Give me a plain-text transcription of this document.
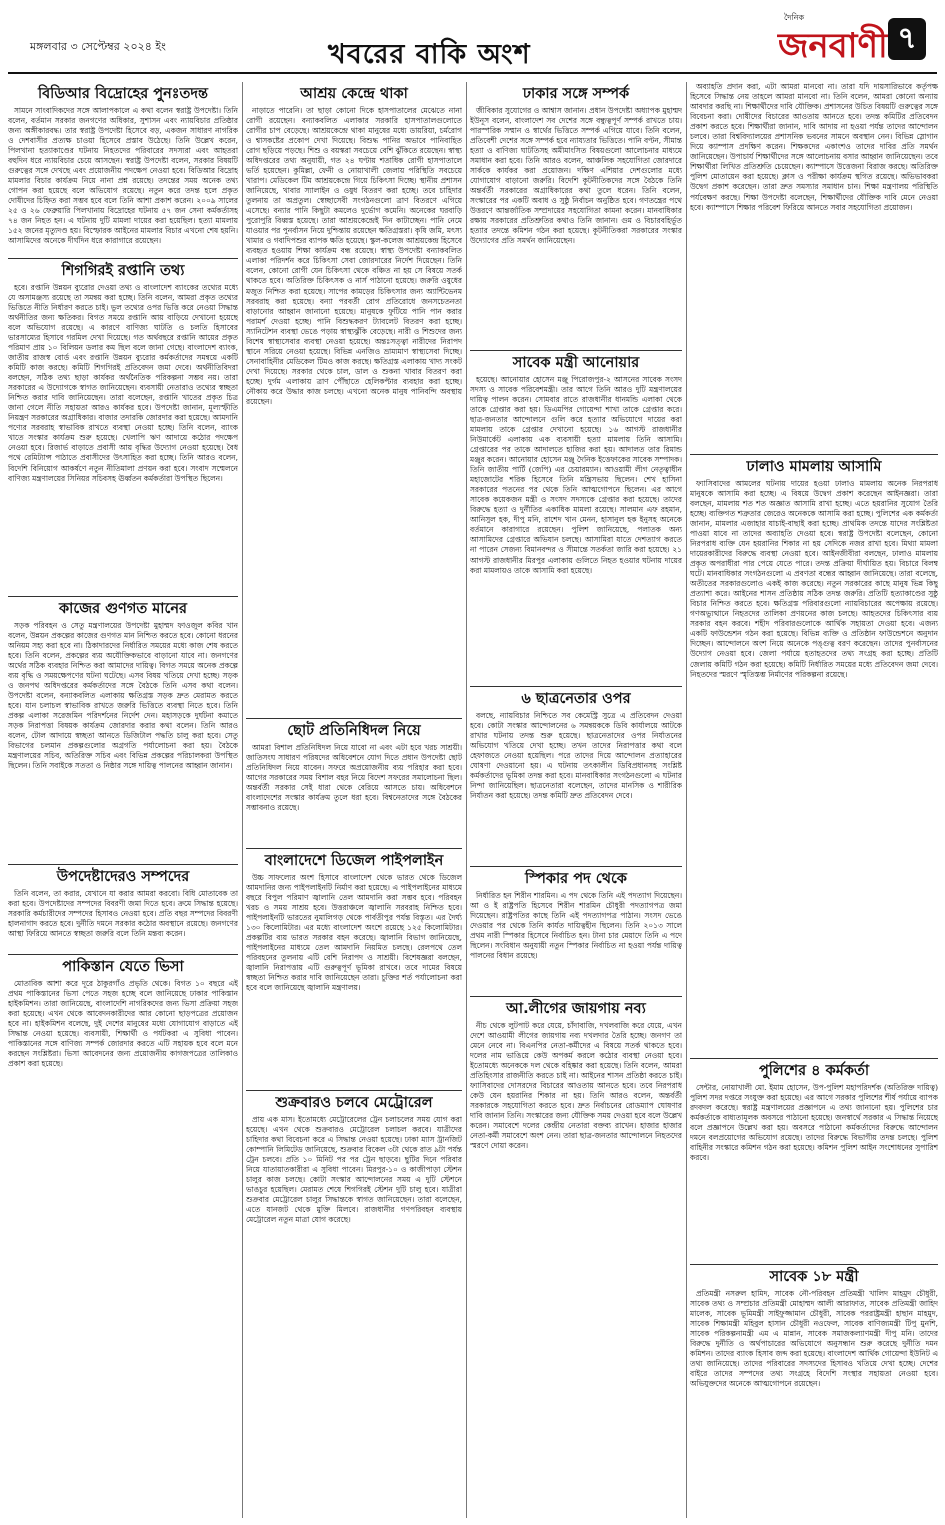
মঙ্গলবার ৩ সেপ্টেম্বর ২০২৪ ইং	খবরের বাকি অংশ
দৈনিক
জনবাণী ৭
বিডিআর বিদ্রোহের পুনঃতদন্ত

সামনে সাংবাদিকদের সঙ্গে আলাপকালে এ কথা বলেন স্বরাষ্ট্র উপদেষ্টা। তিনি বলেন, বর্তমান সরকার জনগণের অধিকার, সুশাসন এবং ন্যায়বিচার প্রতিষ্ঠার জন্য অঙ্গীকারবদ্ধ। তার স্বরাষ্ট্র উপদেষ্টা হিসেবে বড়, একজন সাধারণ নাগরিক ও দেশবাসীর প্রত্যক্ষ চাওয়া হিসেবে প্রস্তাব উঠেছে। তিনি উল্লেখ করেন, পিলখানা হত্যাকাণ্ডের ঘটনায় নিহতদের পরিবারের সদস্যরা এবং আহতরা বহুদিন ধরে ন্যায়বিচার চেয়ে আসছেন। স্বরাষ্ট্র উপদেষ্টা বলেন, সরকার বিষয়টি গুরুত্বের সঙ্গে দেখছে এবং প্রয়োজনীয় পদক্ষেপ নেওয়া হবে। বিডিআর বিদ্রোহ মামলার বিচার কার্যক্রম নিয়ে নানা প্রশ্ন রয়েছে। তদন্তের সময় অনেক তথ্য গোপন করা হয়েছে বলে অভিযোগ রয়েছে। নতুন করে তদন্ত হলে প্রকৃত দোষীদের চিহ্নিত করা সম্ভব হবে বলে তিনি আশা প্রকাশ করেন। ২০০৯ সালের ২৫ ও ২৬ ফেব্রুয়ারি পিলখানায় বিদ্রোহের ঘটনায় ৫৭ জন সেনা কর্মকর্তাসহ ৭৪ জন নিহত হন। এ ঘটনায় দুটি মামলা দায়ের করা হয়েছিল। হত্যা মামলায় ১৫২ জনের মৃত্যুদণ্ড হয়। বিস্ফোরক আইনের মামলার বিচার এখনো শেষ হয়নি। আসামিদের অনেকে দীর্ঘদিন ধরে কারাগারে রয়েছেন।

শিগগিরই রপ্তানি তথ্য

হবে। রপ্তানি উন্নয়ন ব্যুরোর দেওয়া তথ্য ও বাংলাদেশ ব্যাংকের তথ্যের মধ্যে যে অসামঞ্জস্য রয়েছে তা সমন্বয় করা হচ্ছে। তিনি বলেন, আমরা প্রকৃত তথ্যের ভিত্তিতে নীতি নির্ধারণ করতে চাই। ভুল তথ্যের ওপর ভিত্তি করে নেওয়া সিদ্ধান্ত অর্থনীতির জন্য ক্ষতিকর। বিগত সময়ে রপ্তানি আয় বাড়িয়ে দেখানো হয়েছে বলে অভিযোগ রয়েছে। এ কারণে বাণিজ্য ঘাটতি ও চলতি হিসাবের ভারসাম্যের হিসাবে গরমিল দেখা দিয়েছে। গত অর্থবছরে রপ্তানি আয়ের প্রকৃত পরিমাণ প্রায় ১০ বিলিয়ন ডলার কম ছিল বলে জানা গেছে। বাংলাদেশ ব্যাংক, জাতীয় রাজস্ব বোর্ড এবং রপ্তানি উন্নয়ন ব্যুরোর কর্মকর্তাদের সমন্বয়ে একটি কমিটি কাজ করছে। কমিটি শিগগিরই প্রতিবেদন জমা দেবে। অর্থনীতিবিদরা বলছেন, সঠিক তথ্য ছাড়া কার্যকর অর্থনৈতিক পরিকল্পনা সম্ভব নয়। তারা সরকারের এ উদ্যোগকে স্বাগত জানিয়েছেন। ব্যবসায়ী নেতারাও তথ্যের স্বচ্ছতা নিশ্চিত করার দাবি জানিয়েছেন। তারা বলেছেন, রপ্তানি খাতের প্রকৃত চিত্র জানা গেলে নীতি সহায়তা আরও কার্যকর হবে। উপদেষ্টা জানান, মূল্যস্ফীতি নিয়ন্ত্রণ সরকারের অগ্রাধিকার। বাজার তদারকি জোরদার করা হয়েছে। আমদানি পণ্যের সরবরাহ স্বাভাবিক রাখতে ব্যবস্থা নেওয়া হচ্ছে। তিনি বলেন, ব্যাংক খাতে সংস্কার কার্যক্রম শুরু হয়েছে। খেলাপি ঋণ আদায়ে কঠোর পদক্ষেপ নেওয়া হবে। রিজার্ভ বাড়াতে প্রবাসী আয় বৃদ্ধির উদ্যোগ নেওয়া হয়েছে। বৈধ পথে রেমিট্যান্স পাঠাতে প্রবাসীদের উৎসাহিত করা হচ্ছে। তিনি আরও বলেন, বিদেশি বিনিয়োগ আকর্ষণে নতুন নীতিমালা প্রণয়ন করা হবে। সংবাদ সম্মেলনে বাণিজ্য মন্ত্রণালয়ের সিনিয়র সচিবসহ ঊর্ধ্বতন কর্মকর্তারা উপস্থিত ছিলেন।

কাজের গুণগত মানের

সড়ক পরিবহন ও সেতু মন্ত্রণালয়ের উপদেষ্টা মুহাম্মদ ফাওজুল কবির খান বলেন, উন্নয়ন প্রকল্পের কাজের গুণগত মান নিশ্চিত করতে হবে। কোনো ধরনের অনিয়ম সহ্য করা হবে না। ঠিকাদারদের নির্ধারিত সময়ের মধ্যে কাজ শেষ করতে হবে। তিনি বলেন, প্রকল্পের ব্যয় অযৌক্তিকভাবে বাড়ানো যাবে না। জনগণের অর্থের সঠিক ব্যবহার নিশ্চিত করা আমাদের দায়িত্ব। বিগত সময়ে অনেক প্রকল্পে ব্যয় বৃদ্ধি ও সময়ক্ষেপণের ঘটনা ঘটেছে। এসব বিষয় খতিয়ে দেখা হচ্ছে। সড়ক ও জনপথ অধিদপ্তরের কর্মকর্তাদের সঙ্গে বৈঠকে তিনি এসব কথা বলেন। উপদেষ্টা বলেন, বন্যাকবলিত এলাকায় ক্ষতিগ্রস্ত সড়ক দ্রুত মেরামত করতে হবে। যান চলাচল স্বাভাবিক রাখতে জরুরি ভিত্তিতে ব্যবস্থা নিতে হবে। তিনি প্রকল্প এলাকা সরেজমিন পরিদর্শনের নির্দেশ দেন। মহাসড়কে দুর্ঘটনা কমাতে সড়ক নিরাপত্তা বিষয়ক কার্যক্রম জোরদার করার কথা বলেন। তিনি আরও বলেন, টোল আদায়ে স্বচ্ছতা আনতে ডিজিটাল পদ্ধতি চালু করা হবে। সেতু বিভাগের চলমান প্রকল্পগুলোর অগ্রগতি পর্যালোচনা করা হয়। বৈঠকে মন্ত্রণালয়ের সচিব, অতিরিক্ত সচিব এবং বিভিন্ন প্রকল্পের পরিচালকরা উপস্থিত ছিলেন। তিনি সবাইকে সততা ও নিষ্ঠার সঙ্গে দায়িত্ব পালনের আহ্বান জানান।

উপদেষ্টাদেরও সম্পদের

তিনি বলেন, তা করার, যেখানে যা করার আমরা করবো। বিধি মোতাবেক তা করা হবে। উপদেষ্টাদের সম্পদের বিবরণী জমা দিতে হবে। ক্রমে সিদ্ধান্ত হয়েছে। সরকারি কর্মচারীদের সম্পদের হিসাবও নেওয়া হবে। প্রতি বছর সম্পদের বিবরণী হালনাগাদ করতে হবে। দুর্নীতি দমনে সরকার কঠোর অবস্থানে রয়েছে। জনগণের আস্থা ফিরিয়ে আনতে স্বচ্ছতা জরুরি বলে তিনি মন্তব্য করেন।

পাকিস্তান যেতে ভিসা

মোতাবিক আশা করে দূরে ঠাকুরগাঁও প্রভৃতি থেকে। বিগত ১০ বছরে এই প্রথম পাকিস্তানের ভিসা পেতে সহজ হচ্ছে বলে জানিয়েছে ঢাকার পাকিস্তান হাইকমিশন। তারা জানিয়েছে, বাংলাদেশি নাগরিকদের জন্য ভিসা প্রক্রিয়া সহজ করা হয়েছে। এখন থেকে আবেদনকারীদের আর কোনো ছাড়পত্রের প্রয়োজন হবে না। হাইকমিশন বলেছে, দুই দেশের মানুষের মধ্যে যোগাযোগ বাড়াতে এই সিদ্ধান্ত নেওয়া হয়েছে। ব্যবসায়ী, শিক্ষার্থী ও পর্যটকরা এ সুবিধা পাবেন। পাকিস্তানের সঙ্গে বাণিজ্য সম্পর্ক জোরদার করতে এটি সহায়ক হবে বলে মনে করছেন সংশ্লিষ্টরা। ভিসা আবেদনের জন্য প্রয়োজনীয় কাগজপত্রের তালিকাও প্রকাশ করা হয়েছে।

আশ্রয় কেন্দ্রে থাকা

নাড়াতে পারেনি। তা ছাড়া কোনো দিকে হাসপাতালের মেঝেতে নানা রোগী রয়েছেন। বন্যাকবলিত এলাকার সরকারি হাসপাতালগুলোতে রোগীর চাপ বেড়েছে। আশ্রয়কেন্দ্রে থাকা মানুষের মধ্যে ডায়রিয়া, চর্মরোগ ও শ্বাসকষ্টের প্রকোপ দেখা দিয়েছে। বিশুদ্ধ পানির অভাবে পানিবাহিত রোগ ছড়িয়ে পড়ছে। শিশু ও বয়স্করা সবচেয়ে বেশি ঝুঁকিতে রয়েছেন। স্বাস্থ্য অধিদপ্তরের তথ্য অনুযায়ী, গত ২৪ ঘণ্টায় শতাধিক রোগী হাসপাতালে ভর্তি হয়েছেন। কুমিল্লা, ফেনী ও নোয়াখালী জেলায় পরিস্থিতি সবচেয়ে খারাপ। মেডিকেল টিম আশ্রয়কেন্দ্রে গিয়ে চিকিৎসা দিচ্ছে। স্থানীয় প্রশাসন জানিয়েছে, খাবার স্যালাইন ও ওষুধ বিতরণ করা হচ্ছে। তবে চাহিদার তুলনায় তা অপ্রতুল। স্বেচ্ছাসেবী সংগঠনগুলো ত্রাণ বিতরণে এগিয়ে এসেছে। বন্যার পানি কিছুটা কমলেও দুর্ভোগ কমেনি। অনেকের ঘরবাড়ি পুরোপুরি বিধ্বস্ত হয়েছে। তারা আশ্রয়কেন্দ্রেই দিন কাটাচ্ছেন। পানি নেমে যাওয়ার পর পুনর্বাসন নিয়ে দুশ্চিন্তায় রয়েছেন ক্ষতিগ্রস্তরা। কৃষি জমি, মৎস্য খামার ও গবাদিপশুর ব্যাপক ক্ষতি হয়েছে। স্কুল-কলেজ আশ্রয়কেন্দ্র হিসেবে ব্যবহৃত হওয়ায় শিক্ষা কার্যক্রম বন্ধ রয়েছে। স্বাস্থ্য উপদেষ্টা বন্যাকবলিত এলাকা পরিদর্শন করে চিকিৎসা সেবা জোরদারের নির্দেশ দিয়েছেন। তিনি বলেন, কোনো রোগী যেন চিকিৎসা থেকে বঞ্চিত না হয় সে বিষয়ে সতর্ক থাকতে হবে। অতিরিক্ত চিকিৎসক ও নার্স পাঠানো হয়েছে। জরুরি ওষুধের মজুত নিশ্চিত করা হয়েছে। সাপের কামড়ের চিকিৎসার জন্য অ্যান্টিভেনম সরবরাহ করা হয়েছে। বন্যা পরবর্তী রোগ প্রতিরোধে জনসচেতনতা বাড়ানোর আহ্বান জানানো হয়েছে। মানুষকে ফুটিয়ে পানি পান করার পরামর্শ দেওয়া হচ্ছে। পানি বিশুদ্ধকরণ ট্যাবলেট বিতরণ করা হচ্ছে। স্যানিটেশন ব্যবস্থা ভেঙে পড়ায় স্বাস্থ্যঝুঁকি বেড়েছে। নারী ও শিশুদের জন্য বিশেষ স্বাস্থ্যসেবার ব্যবস্থা নেওয়া হয়েছে। অন্তঃসত্ত্বা নারীদের নিরাপদ স্থানে সরিয়ে নেওয়া হয়েছে। বিভিন্ন এনজিও ভ্রাম্যমাণ স্বাস্থ্যসেবা দিচ্ছে। সেনাবাহিনীর মেডিকেল টিমও কাজ করছে। ক্ষতিগ্রস্ত এলাকায় খাদ্য সংকট দেখা দিয়েছে। সরকার থেকে চাল, ডাল ও শুকনা খাবার বিতরণ করা হচ্ছে। দুর্গম এলাকায় ত্রাণ পৌঁছাতে হেলিকপ্টার ব্যবহার করা হচ্ছে। নৌকায় করে উদ্ধার কাজ চলছে। এখনো অনেক মানুষ পানিবন্দি অবস্থায় রয়েছেন।

ছোট প্রতিনিধিদল নিয়ে

আমরা বিশাল প্রতিনিধিদল নিয়ে যাবো না এবং এটা হবে খরচ সাশ্রয়ী। জাতিসংঘ সাধারণ পরিষদের অধিবেশনে যোগ দিতে প্রধান উপদেষ্টা ছোট প্রতিনিধিদল নিয়ে যাবেন। সফরে অপ্রয়োজনীয় ব্যয় পরিহার করা হবে। আগের সরকারের সময় বিশাল বহর নিয়ে বিদেশ সফরের সমালোচনা ছিল। অন্তর্বর্তী সরকার সেই ধারা থেকে বেরিয়ে আসতে চায়। অধিবেশনে বাংলাদেশের সংস্কার কার্যক্রম তুলে ধরা হবে। বিশ্বনেতাদের সঙ্গে বৈঠকের সম্ভাবনাও রয়েছে।

বাংলাদেশে ডিজেল পাইপলাইন

উচ্চ সাফল্যের অংশ হিসাবে বাংলাদেশ থেকে ভারত থেকে ডিজেল আমদানির জন্য পাইপলাইনটি নির্মাণ করা হয়েছে। এ পাইপলাইনের মাধ্যমে বছরে বিপুল পরিমাণ জ্বালানি তেল আমদানি করা সম্ভব হবে। পরিবহন খরচ ও সময় সাশ্রয় হবে। উত্তরাঞ্চলে জ্বালানি সরবরাহ নিশ্চিত হবে। পাইপলাইনটি ভারতের নুমালিগড় থেকে পার্বতীপুর পর্যন্ত বিস্তৃত। এর দৈর্ঘ্য ১৩০ কিলোমিটার। এর মধ্যে বাংলাদেশ অংশে রয়েছে ১২৫ কিলোমিটার। প্রকল্পটির ব্যয় ভারত সরকার বহন করেছে। জ্বালানি বিভাগ জানিয়েছে, পাইপলাইনের মাধ্যমে তেল আমদানি নিয়মিত চলছে। রেলপথে তেল পরিবহনের তুলনায় এটি বেশি নিরাপদ ও সাশ্রয়ী। বিশেষজ্ঞরা বলছেন, জ্বালানি নিরাপত্তায় এটি গুরুত্বপূর্ণ ভূমিকা রাখবে। তবে দামের বিষয়ে স্বচ্ছতা নিশ্চিত করার দাবি জানিয়েছেন তারা। চুক্তির শর্ত পর্যালোচনা করা হবে বলে জানিয়েছে জ্বালানি মন্ত্রণালয়।

শুক্রবারও চলবে মেট্রোরেল

প্রায় এক মাস। ইতোমধ্যে মেট্রোরেলের ট্রেন চলাচলের সময় যোগ করা হয়েছে। এখন থেকে শুক্রবারও মেট্রোরেল চলাচল করবে। যাত্রীদের চাহিদার কথা বিবেচনা করে এ সিদ্ধান্ত নেওয়া হয়েছে। ঢাকা ম্যাস ট্রানজিট কোম্পানি লিমিটেড জানিয়েছে, শুক্রবার বিকেল ৩টা থেকে রাত ৯টা পর্যন্ত ট্রেন চলবে। প্রতি ১০ মিনিট পর পর ট্রেন ছাড়বে। ছুটির দিনে পরিবার নিয়ে যাতায়াতকারীরা এ সুবিধা পাবেন। মিরপুর-১০ ও কাজীপাড়া স্টেশন চালুর কাজ চলছে। কোটা সংস্কার আন্দোলনের সময় এ দুটি স্টেশনে ভাঙচুর হয়েছিল। মেরামত শেষে শিগগিরই স্টেশন দুটি চালু হবে। যাত্রীরা শুক্রবার মেট্রোরেল চালুর সিদ্ধান্তকে স্বাগত জানিয়েছেন। তারা বলেছেন, এতে যানজট থেকে মুক্তি মিলবে। রাজধানীর গণপরিবহন ব্যবস্থায় মেট্রোরেল নতুন মাত্রা যোগ করেছে।

ঢাকার সঙ্গে সম্পর্ক

জীবিকার সুযোগের ও আশ্বাস জানান। প্রধান উপদেষ্টা অধ্যাপক মুহাম্মদ ইউনূস বলেন, বাংলাদেশ সব দেশের সঙ্গে বন্ধুত্বপূর্ণ সম্পর্ক রাখতে চায়। পারস্পরিক সম্মান ও স্বার্থের ভিত্তিতে সম্পর্ক এগিয়ে যাবে। তিনি বলেন, প্রতিবেশী দেশের সঙ্গে সম্পর্ক হবে ন্যায্যতার ভিত্তিতে। পানি বণ্টন, সীমান্ত হত্যা ও বাণিজ্য ঘাটতিসহ অমীমাংসিত বিষয়গুলো আলোচনার মাধ্যমে সমাধান করা হবে। তিনি আরও বলেন, আঞ্চলিক সহযোগিতা জোরদারে সার্ককে কার্যকর করা প্রয়োজন। দক্ষিণ এশিয়ার দেশগুলোর মধ্যে যোগাযোগ বাড়ানো জরুরি। বিদেশি কূটনীতিকদের সঙ্গে বৈঠকে তিনি অন্তর্বর্তী সরকারের অগ্রাধিকারের কথা তুলে ধরেন। তিনি বলেন, সংস্কারের পর একটি অবাধ ও সুষ্ঠু নির্বাচন অনুষ্ঠিত হবে। গণতন্ত্রের পথে উত্তরণে আন্তর্জাতিক সম্প্রদায়ের সহযোগিতা কামনা করেন। মানবাধিকার রক্ষায় সরকারের প্রতিশ্রুতির কথাও তিনি জানান। গুম ও বিচারবহির্ভূত হত্যার তদন্তে কমিশন গঠন করা হয়েছে। কূটনীতিকরা সরকারের সংস্কার উদ্যোগের প্রতি সমর্থন জানিয়েছেন।

সাবেক মন্ত্রী আনোয়ার

হয়েছে। আনোয়ার হোসেন মঞ্জু পিরোজপুর-২ আসনের সাবেক সংসদ সদস্য ও সাবেক পরিবেশমন্ত্রী। তার আগে তিনি আরও দুটি মন্ত্রণালয়ের দায়িত্ব পালন করেন। সোমবার রাতে রাজধানীর ধানমন্ডি এলাকা থেকে তাকে গ্রেপ্তার করা হয়। ডিএমপির গোয়েন্দা শাখা তাকে গ্রেপ্তার করে। ছাত্র-জনতার আন্দোলনে গুলি করে হত্যার অভিযোগে দায়ের করা মামলায় তাকে গ্রেপ্তার দেখানো হয়েছে। ১৬ আগস্ট রাজধানীর নিউমার্কেট এলাকায় এক ব্যবসায়ী হত্যা মামলায় তিনি আসামি। গ্রেপ্তারের পর তাকে আদালতে হাজির করা হয়। আদালত তার রিমান্ড মঞ্জুর করেন। আনোয়ার হোসেন মঞ্জু দৈনিক ইত্তেফাকের সাবেক সম্পাদক। তিনি জাতীয় পার্টি (জেপি) এর চেয়ারম্যান। আওয়ামী লীগ নেতৃত্বাধীন মহাজোটের শরিক হিসেবে তিনি মন্ত্রিসভায় ছিলেন। শেখ হাসিনা সরকারের পতনের পর থেকে তিনি আত্মগোপনে ছিলেন। এর আগে সাবেক কয়েকজন মন্ত্রী ও সংসদ সদস্যকে গ্রেপ্তার করা হয়েছে। তাদের বিরুদ্ধে হত্যা ও দুর্নীতির একাধিক মামলা রয়েছে। সালমান এফ রহমান, আনিসুল হক, দীপু মনি, রাশেদ খান মেনন, হাসানুল হক ইনুসহ অনেকে বর্তমানে কারাগারে রয়েছেন। পুলিশ জানিয়েছে, পলাতক অন্য আসামিদের গ্রেপ্তারে অভিযান চলছে। আসামিরা যাতে দেশত্যাগ করতে না পারেন সেজন্য বিমানবন্দর ও সীমান্তে সতর্কতা জারি করা হয়েছে। ২১ আগস্ট রাজধানীর মিরপুর এলাকায় গুলিতে নিহত হওয়ার ঘটনায় দায়ের করা মামলায়ও তাকে আসামি করা হয়েছে।

৬ ছাত্রনেতার ওপর

বলছে, ন্যায়বিচার নিশ্চিতে সব কেমেস্ট্রি সুত্রে এ প্রতিবেদন দেওয়া হবে। কোটা সংস্কার আন্দোলনের ৬ সমন্বয়ককে ডিবি কার্যালয়ে আটকে রাখার ঘটনায় তদন্ত শুরু হয়েছে। ছাত্রনেতাদের ওপর নির্যাতনের অভিযোগ খতিয়ে দেখা হচ্ছে। তখন তাদের নিরাপত্তার কথা বলে হেফাজতে নেওয়া হয়েছিল। পরে তাদের দিয়ে আন্দোলন প্রত্যাহারের ঘোষণা দেওয়ানো হয়। এ ঘটনায় তৎকালীন ডিবিপ্রধানসহ সংশ্লিষ্ট কর্মকর্তাদের ভূমিকা তদন্ত করা হবে। মানবাধিকার সংগঠনগুলো এ ঘটনার নিন্দা জানিয়েছিল। ছাত্রনেতারা বলেছেন, তাদের মানসিক ও শারীরিক নির্যাতন করা হয়েছে। তদন্ত কমিটি দ্রুত প্রতিবেদন দেবে।

স্পিকার পদ থেকে

নির্ধারিত হন শিরীন শারমিন। এ পদ থেকে তিনি এই পদত্যাগ দিয়েছেন। আ ও ই রাষ্ট্রপতি হিসেবে শিরীন শারমিন চৌধুরী পদত্যাগপত্র জমা দিয়েছেন। রাষ্ট্রপতির কাছে তিনি এই পদত্যাগপত্র পাঠান। সংসদ ভেঙে দেওয়ার পর থেকে তিনি কার্যত দায়িত্বহীন ছিলেন। তিনি ২০১৩ সালে প্রথম নারী স্পিকার হিসেবে নির্বাচিত হন। টানা চার মেয়াদে তিনি এ পদে ছিলেন। সংবিধান অনুযায়ী নতুন স্পিকার নির্বাচিত না হওয়া পর্যন্ত দায়িত্ব পালনের বিধান রয়েছে।

আ.লীগের জায়গায় নব্য

নীচ থেকে লুটপাট করে যেয়ে, চাঁদাবাজি, দখলবাজি করে যেয়ে, এখন দেশে আওয়ামী লীগের জায়গায় নব্য দখলদার তৈরি হচ্ছে। জনগণ তা মেনে নেবে না। বিএনপির নেতা-কর্মীদের এ বিষয়ে সতর্ক থাকতে হবে। দলের নাম ভাঙিয়ে কেউ অপকর্ম করলে কঠোর ব্যবস্থা নেওয়া হবে। ইতোমধ্যে অনেককে দল থেকে বহিষ্কার করা হয়েছে। তিনি বলেন, আমরা প্রতিহিংসার রাজনীতি করতে চাই না। আইনের শাসন প্রতিষ্ঠা করতে চাই। ফ্যাসিবাদের দোসরদের বিচারের আওতায় আনতে হবে। তবে নিরপরাধ কেউ যেন হয়রানির শিকার না হয়। তিনি আরও বলেন, অন্তর্বর্তী সরকারকে সহযোগিতা করতে হবে। দ্রুত নির্বাচনের রোডম্যাপ ঘোষণার দাবি জানান তিনি। সংস্কারের জন্য যৌক্তিক সময় দেওয়া হবে বলে উল্লেখ করেন। সমাবেশে দলের কেন্দ্রীয় নেতারা বক্তব্য রাখেন। হাজার হাজার নেতা-কর্মী সমাবেশে অংশ নেন। তারা ছাত্র-জনতার আন্দোলনে নিহতদের স্মরণে দোয়া করেন।

অব্যাহতি প্রদান করা, এটা আমরা মানবো না। তারা যদি দায়সারিভাবে কর্তৃপক্ষ হিসেবে সিদ্ধান্ত নেয় তাহলে আমরা মানবো না। তিনি বলেন, আমরা কোনো অন্যায় আবদার করছি না। শিক্ষার্থীদের দাবি যৌক্তিক। প্রশাসনের উচিত বিষয়টি গুরুত্বের সঙ্গে বিবেচনা করা। দোষীদের বিচারের আওতায় আনতে হবে। তদন্ত কমিটির প্রতিবেদন প্রকাশ করতে হবে। শিক্ষার্থীরা জানান, দাবি আদায় না হওয়া পর্যন্ত তাদের আন্দোলন চলবে। তারা বিশ্ববিদ্যালয়ের প্রশাসনিক ভবনের সামনে অবস্থান নেন। বিভিন্ন স্লোগান দিয়ে ক্যাম্পাস প্রদক্ষিণ করেন। শিক্ষকদের একাংশও তাদের দাবির প্রতি সমর্থন জানিয়েছেন। উপাচার্য শিক্ষার্থীদের সঙ্গে আলোচনায় বসার আহ্বান জানিয়েছেন। তবে শিক্ষার্থীরা লিখিত প্রতিশ্রুতি চেয়েছেন। ক্যাম্পাসে উত্তেজনা বিরাজ করছে। অতিরিক্ত পুলিশ মোতায়েন করা হয়েছে। ক্লাস ও পরীক্ষা কার্যক্রম স্থগিত রয়েছে। অভিভাবকরা উদ্বেগ প্রকাশ করেছেন। তারা দ্রুত সমস্যার সমাধান চান। শিক্ষা মন্ত্রণালয় পরিস্থিতি পর্যবেক্ষণ করছে। শিক্ষা উপদেষ্টা বলেছেন, শিক্ষার্থীদের যৌক্তিক দাবি মেনে নেওয়া হবে। ক্যাম্পাসে শিক্ষার পরিবেশ ফিরিয়ে আনতে সবার সহযোগিতা প্রয়োজন।

ঢালাও মামলায় আসামি

ফ্যাসিবাদের আমলের ঘটনায় দায়ের হওয়া ঢালাও মামলায় অনেক নিরপরাধ মানুষকে আসামি করা হচ্ছে। এ বিষয়ে উদ্বেগ প্রকাশ করেছেন আইনজ্ঞরা। তারা বলছেন, মামলায় শত শত অজ্ঞাত আসামি রাখা হচ্ছে। এতে হয়রানির সুযোগ তৈরি হচ্ছে। ব্যক্তিগত শত্রুতার জেরেও অনেককে আসামি করা হচ্ছে। পুলিশের এক কর্মকর্তা জানান, মামলার এজাহার যাচাই-বাছাই করা হচ্ছে। প্রাথমিক তদন্তে যাদের সংশ্লিষ্টতা পাওয়া যাবে না তাদের অব্যাহতি দেওয়া হবে। স্বরাষ্ট্র উপদেষ্টা বলেছেন, কোনো নিরপরাধ ব্যক্তি যেন হয়রানির শিকার না হয় সেদিকে নজর রাখা হবে। মিথ্যা মামলা দায়েরকারীদের বিরুদ্ধে ব্যবস্থা নেওয়া হবে। আইনজীবীরা বলছেন, ঢালাও মামলায় প্রকৃত অপরাধীরা পার পেয়ে যেতে পারে। তদন্ত প্রক্রিয়া দীর্ঘায়িত হয়। বিচারে বিলম্ব ঘটে। মানবাধিকার সংগঠনগুলো এ প্রবণতা বন্ধের আহ্বান জানিয়েছে। তারা বলেছে, অতীতের সরকারগুলোও একই কাজ করেছে। নতুন সরকারের কাছে মানুষ ভিন্ন কিছু প্রত্যাশা করে। আইনের শাসন প্রতিষ্ঠায় সঠিক তদন্ত জরুরি। প্রতিটি হত্যাকাণ্ডের সুষ্ঠু বিচার নিশ্চিত করতে হবে। ক্ষতিগ্রস্ত পরিবারগুলো ন্যায়বিচারের অপেক্ষায় রয়েছে। গণঅভ্যুত্থানে নিহতদের তালিকা প্রণয়নের কাজ চলছে। আহতদের চিকিৎসার ব্যয় সরকার বহন করবে। শহীদ পরিবারগুলোকে আর্থিক সহায়তা দেওয়া হবে। এজন্য একটি ফাউন্ডেশন গঠন করা হয়েছে। বিভিন্ন ব্যক্তি ও প্রতিষ্ঠান ফাউন্ডেশনে অনুদান দিচ্ছেন। আন্দোলনে অংশ নিয়ে অনেকে পঙ্গুত্ব বরণ করেছেন। তাদের পুনর্বাসনের উদ্যোগ নেওয়া হবে। জেলা পর্যায়ে হতাহতদের তথ্য সংগ্রহ করা হচ্ছে। প্রতিটি জেলায় কমিটি গঠন করা হয়েছে। কমিটি নির্ধারিত সময়ের মধ্যে প্রতিবেদন জমা দেবে। নিহতদের স্মরণে স্মৃতিস্তম্ভ নির্মাণের পরিকল্পনা রয়েছে।

পুলিশের ৪ কর্মকর্তা

সেন্টার, নোয়াখালী মো. ইমাম হোসেন, উপ-পুলিশ মহাপরিদর্শক (অতিরিক্ত দায়িত্ব) পুলিশ সদর দপ্তরে সংযুক্ত করা হয়েছে। এর আগে সরকার পুলিশের শীর্ষ পর্যায়ে ব্যাপক রদবদল করেছে। স্বরাষ্ট্র মন্ত্রণালয়ের প্রজ্ঞাপনে এ তথ্য জানানো হয়। পুলিশের চার কর্মকর্তাকে বাধ্যতামূলক অবসরে পাঠানো হয়েছে। জনস্বার্থে সরকার এ সিদ্ধান্ত নিয়েছে বলে প্রজ্ঞাপনে উল্লেখ করা হয়। অবসরে পাঠানো কর্মকর্তাদের বিরুদ্ধে আন্দোলন দমনে বলপ্রয়োগের অভিযোগ রয়েছে। তাদের বিরুদ্ধে বিভাগীয় তদন্ত চলছে। পুলিশ বাহিনীর সংস্কারে কমিশন গঠন করা হয়েছে। কমিশন পুলিশ আইন সংশোধনের সুপারিশ করবে।

সাবেক ১৮ মন্ত্রী

প্রতিমন্ত্রী নসরুল হামিদ, সাবেক নৌ-পরিবহন প্রতিমন্ত্রী খালিদ মাহমুদ চৌধুরী, সাবেক তথ্য ও সম্প্রচার প্রতিমন্ত্রী মোহাম্মদ আলী আরাফাত, সাবেক প্রতিমন্ত্রী জাহিদ মালেক, সাবেক ভূমিমন্ত্রী সাইফুজ্জামান চৌধুরী, সাবেক পররাষ্ট্রমন্ত্রী হাছান মাহমুদ, সাবেক শিক্ষামন্ত্রী মহিবুল হাসান চৌধুরী নওফেল, সাবেক বাণিজ্যমন্ত্রী টিপু মুনশি, সাবেক পরিকল্পনামন্ত্রী এম এ মান্নান, সাবেক সমাজকল্যাণমন্ত্রী দীপু মনি। তাদের বিরুদ্ধে দুর্নীতি ও অর্থপাচারের অভিযোগে অনুসন্ধান শুরু করেছে দুর্নীতি দমন কমিশন। তাদের ব্যাংক হিসাব জব্দ করা হয়েছে। বাংলাদেশ আর্থিক গোয়েন্দা ইউনিট এ তথ্য জানিয়েছে। তাদের পরিবারের সদস্যদের হিসাবও খতিয়ে দেখা হচ্ছে। দেশের বাইরে তাদের সম্পদের তথ্য সংগ্রহে বিদেশি সংস্থার সহায়তা নেওয়া হবে। অভিযুক্তদের অনেকে আত্মগোপনে রয়েছেন।
